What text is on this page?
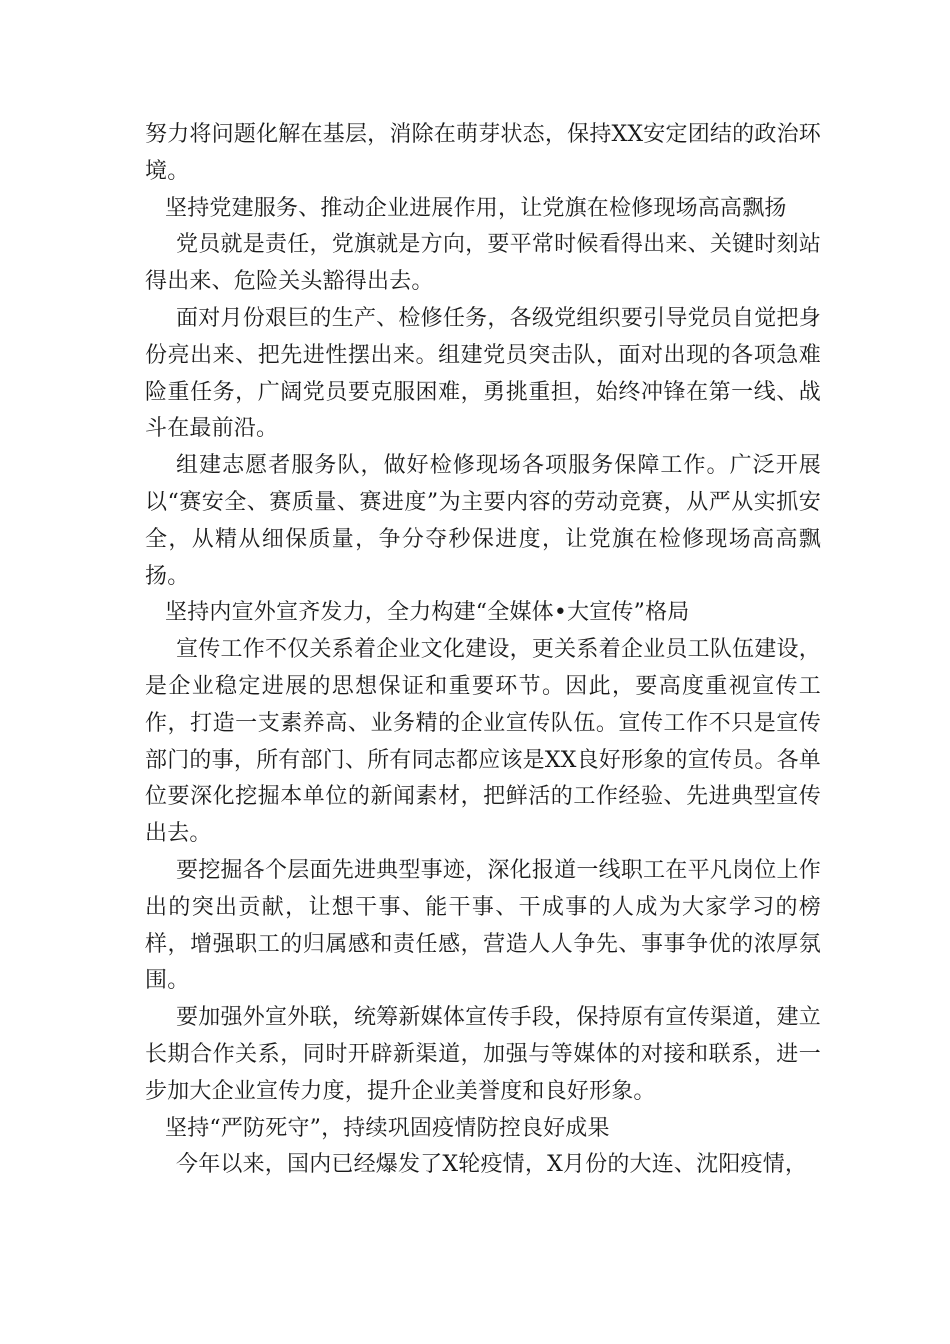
努力将问题化解在基层，消除在萌芽状态，保持XX安定团结的政治环境。

坚持党建服务、推动企业进展作用，让党旗在检修现场高高飘扬

党员就是责任，党旗就是方向，要平常时候看得出来、关键时刻站得出来、危险关头豁得出去。

面对月份艰巨的生产、检修任务，各级党组织要引导党员自觉把身份亮出来、把先进性摆出来。组建党员突击队，面对出现的各项急难险重任务，广阔党员要克服困难，勇挑重担，始终冲锋在第一线、战斗在最前沿。

组建志愿者服务队，做好检修现场各项服务保障工作。广泛开展以“赛安全、赛质量、赛进度”为主要内容的劳动竞赛，从严从实抓安全，从精从细保质量，争分夺秒保进度，让党旗在检修现场高高飘扬。

坚持内宣外宣齐发力，全力构建“全媒体•大宣传”格局

宣传工作不仅关系着企业文化建设，更关系着企业员工队伍建设，是企业稳定进展的思想保证和重要环节。因此，要高度重视宣传工作，打造一支素养高、业务精的企业宣传队伍。宣传工作不只是宣传部门的事，所有部门、所有同志都应该是XX良好形象的宣传员。各单位要深化挖掘本单位的新闻素材，把鲜活的工作经验、先进典型宣传出去。

要挖掘各个层面先进典型事迹，深化报道一线职工在平凡岗位上作出的突出贡献，让想干事、能干事、干成事的人成为大家学习的榜样，增强职工的归属感和责任感，营造人人争先、事事争优的浓厚氛围。

要加强外宣外联，统筹新媒体宣传手段，保持原有宣传渠道，建立长期合作关系，同时开辟新渠道，加强与等媒体的对接和联系，进一步加大企业宣传力度，提升企业美誉度和良好形象。

坚持“严防死守”，持续巩固疫情防控良好成果

今年以来，国内已经爆发了X轮疫情，X月份的大连、沈阳疫情，
